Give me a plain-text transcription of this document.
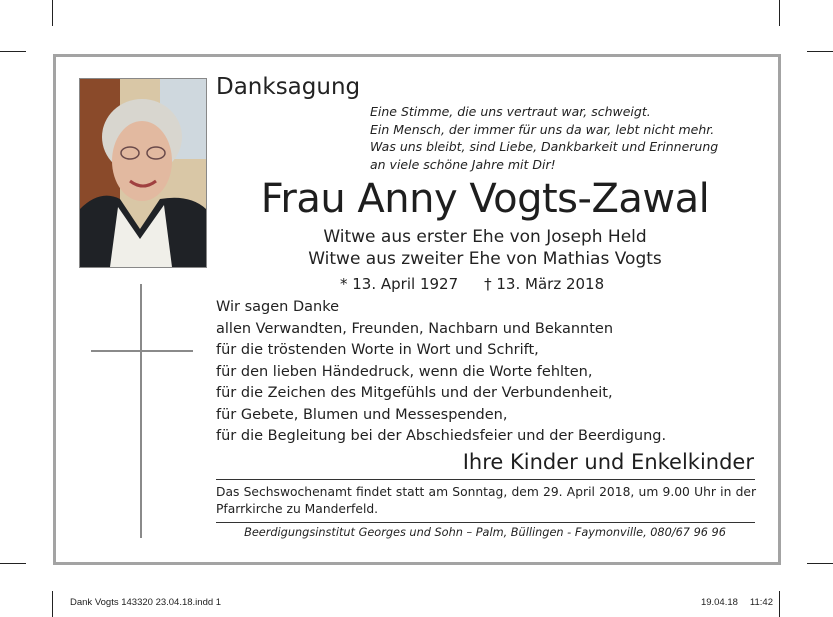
Danksagung
Eine Stimme, die uns vertraut war, schweigt.
Ein Mensch, der immer für uns da war, lebt nicht mehr.
Was uns bleibt, sind Liebe, Dankbarkeit und Erinnerung
an viele schöne Jahre mit Dir!
Frau Anny Vogts-Zawal
Witwe aus erster Ehe von Joseph Held
Witwe aus zweiter Ehe von Mathias Vogts
* 13. April 1927 † 13. März 2018
Wir sagen Danke
allen Verwandten, Freunden, Nachbarn und Bekannten
für die tröstenden Worte in Wort und Schrift,
für den lieben Händedruck, wenn die Worte fehlten,
für die Zeichen des Mitgefühls und der Verbundenheit,
für Gebete, Blumen und Messespenden,
für die Begleitung bei der Abschiedsfeier und der Beerdigung.
Ihre Kinder und Enkelkinder
Das Sechswochenamt findet statt am Sonntag, dem 29. April 2018, um 9.00 Uhr in der Pfarrkirche zu Manderfeld.
Beerdigungsinstitut Georges und Sohn – Palm, Büllingen - Faymonville, 080/67 96 96
Dank Vogts 143320 23.04.18.indd 1	19.04.18 11:42
